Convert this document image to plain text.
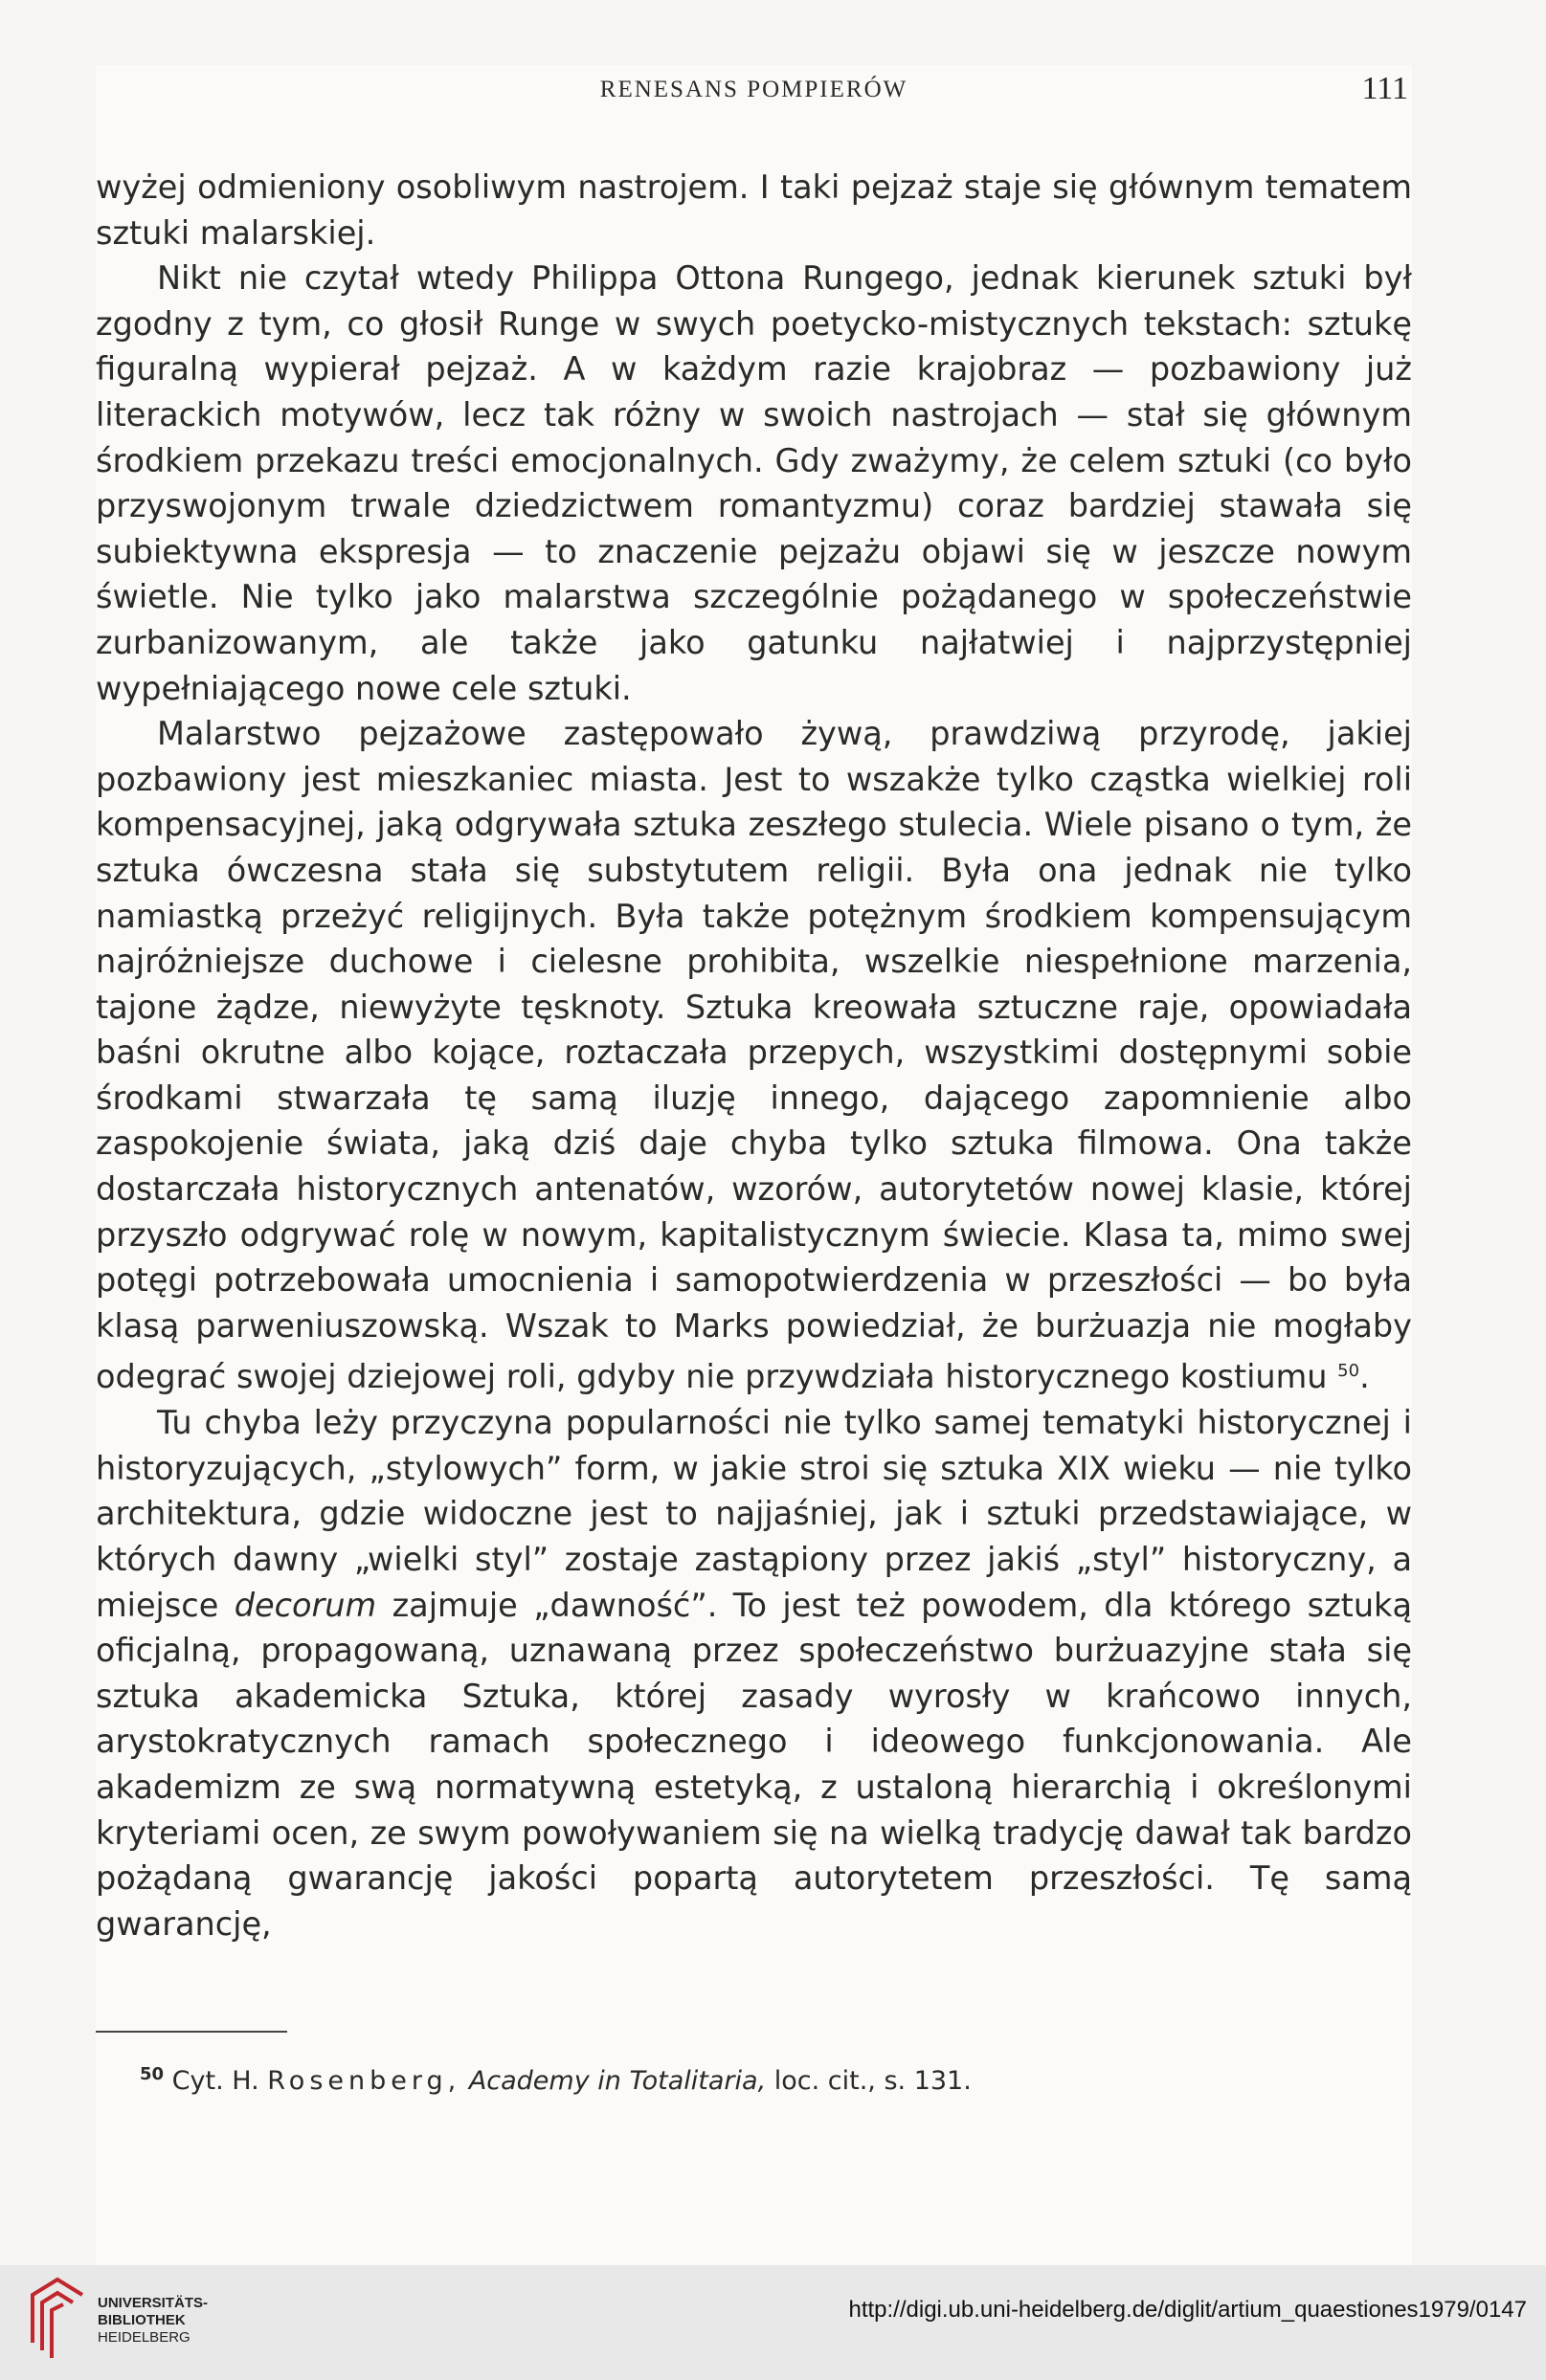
RENESANS POMPIERÓW	111

wyżej odmieniony osobliwym nastrojem. I taki pejzaż staje się głównym tematem sztuki malarskiej.

Nikt nie czytał wtedy Philippa Ottona Rungego, jednak kierunek sztuki był zgodny z tym, co głosił Runge w swych poetycko-mistycznych tekstach: sztukę figuralną wypierał pejzaż. A w każdym razie krajobraz — pozbawiony już literackich motywów, lecz tak różny w swoich nastrojach — stał się głównym środkiem przekazu treści emocjonalnych. Gdy zważymy, że celem sztuki (co było przyswojonym trwale dziedzictwem romantyzmu) coraz bardziej stawała się subiektywna ekspresja — to znaczenie pejzażu objawi się w jeszcze nowym świetle. Nie tylko jako malarstwa szczególnie pożądanego w społeczeństwie zurbanizowanym, ale także jako gatunku najłatwiej i najprzystępniej wypełniającego nowe cele sztuki.

Malarstwo pejzażowe zastępowało żywą, prawdziwą przyrodę, jakiej pozbawiony jest mieszkaniec miasta. Jest to wszakże tylko cząstka wielkiej roli kompensacyjnej, jaką odgrywała sztuka zeszłego stulecia. Wiele pisano o tym, że sztuka ówczesna stała się substytutem religii. Była ona jednak nie tylko namiastką przeżyć religijnych. Była także potężnym środkiem kompensującym najróżniejsze duchowe i cielesne prohibita, wszelkie niespełnione marzenia, tajone żądze, niewyżyte tęsknoty. Sztuka kreowała sztuczne raje, opowiadała baśni okrutne albo kojące, roztaczała przepych, wszystkimi dostępnymi sobie środkami stwarzała tę samą iluzję innego, dającego zapomnienie albo zaspokojenie świata, jaką dziś daje chyba tylko sztuka filmowa. Ona także dostarczała historycznych antenatów, wzorów, autorytetów nowej klasie, której przyszło odgrywać rolę w nowym, kapitalistycznym świecie. Klasa ta, mimo swej potęgi potrzebowała umocnienia i samopotwierdzenia w przeszłości — bo była klasą parweniuszowską. Wszak to Marks powiedział, że burżuazja nie mogłaby odegrać swojej dziejowej roli, gdyby nie przywdziała historycznego kostiumu $^{50}$.

Tu chyba leży przyczyna popularności nie tylko samej tematyki historycznej i historyzujących, „stylowych” form, w jakie stroi się sztuka XIX wieku — nie tylko architektura, gdzie widoczne jest to najjaśniej, jak i sztuki przedstawiające, w których dawny „wielki styl” zostaje zastąpiony przez jakiś „styl” historyczny, a miejsce decorum zajmuje „dawność”. To jest też powodem, dla którego sztuką oficjalną, propagowaną, uznawaną przez społeczeństwo burżuazyjne stała się sztuka akademicka Sztuka, której zasady wyrosły w krańcowo innych, arystokratycznych ramach społecznego i ideowego funkcjonowania. Ale akademizm ze swą normatywną estetyką, z ustaloną hierarchią i określonymi kryteriami ocen, ze swym powoływaniem się na wielką tradycję dawał tak bardzo pożądaną gwarancję jakości popartą autorytetem przeszłości. Tę samą gwarancję,

$^{50}$ Cyt. H. Rosenberg, Academy in Totalitaria, loc. cit., s. 131.
UNIVERSITÄTS-
BIBLIOTHEK
HEIDELBERG
http://digi.ub.uni-heidelberg.de/diglit/artium_quaestiones1979/0147
